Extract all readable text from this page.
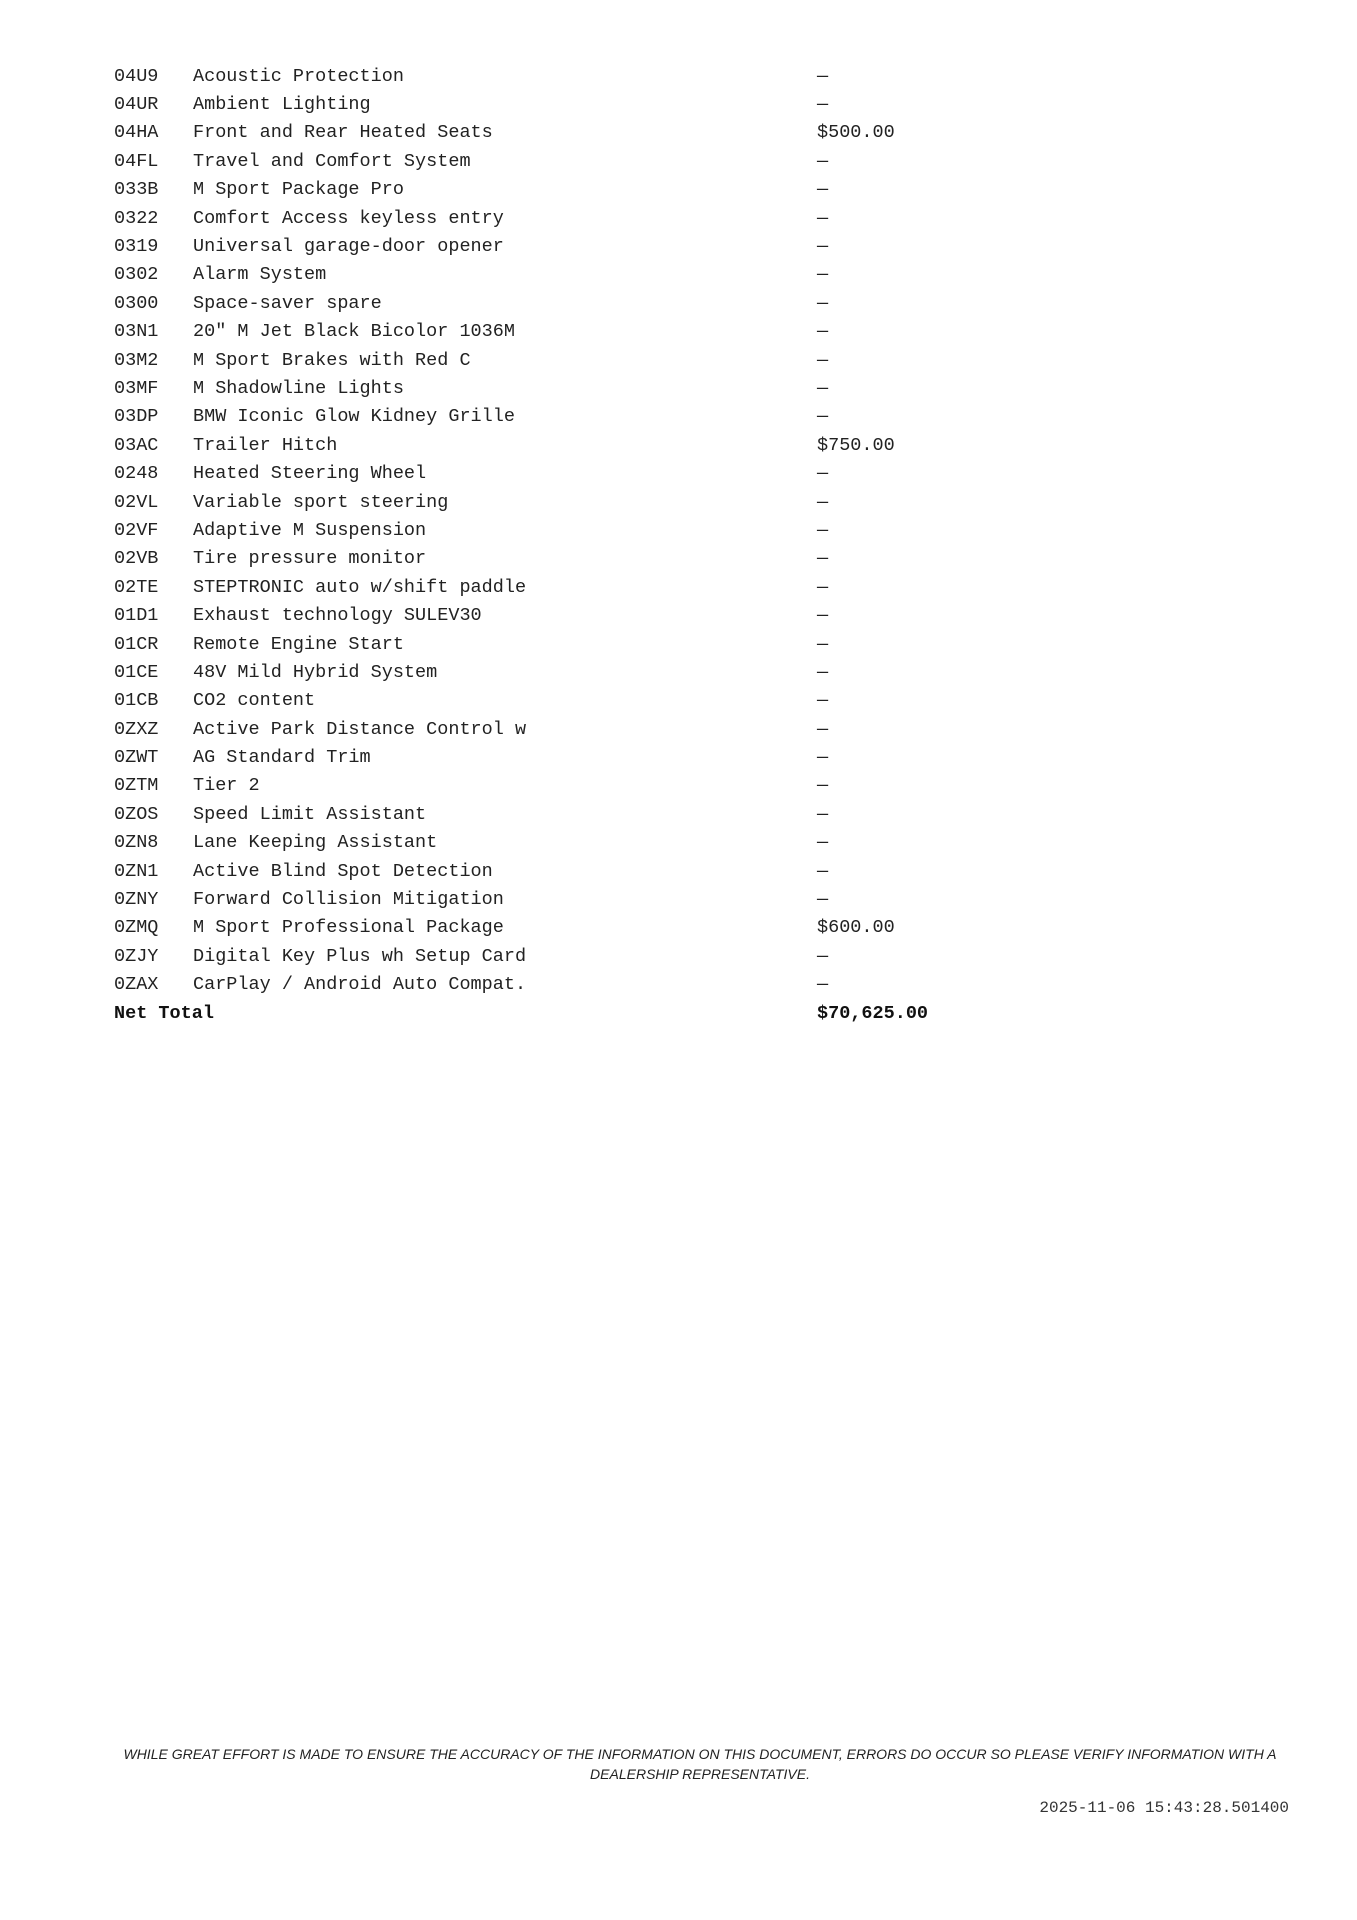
04U9	Acoustic Protection	—
04UR	Ambient Lighting	—
04HA	Front and Rear Heated Seats	$500.00
04FL	Travel and Comfort System	—
033B	M Sport Package Pro	—
0322	Comfort Access keyless entry	—
0319	Universal garage-door opener	—
0302	Alarm System	—
0300	Space-saver spare	—
03N1	20" M Jet Black Bicolor 1036M	—
03M2	M Sport Brakes with Red C	—
03MF	M Shadowline Lights	—
03DP	BMW Iconic Glow Kidney Grille	—
03AC	Trailer Hitch	$750.00
0248	Heated Steering Wheel	—
02VL	Variable sport steering	—
02VF	Adaptive M Suspension	—
02VB	Tire pressure monitor	—
02TE	STEPTRONIC auto w/shift paddle	—
01D1	Exhaust technology SULEV30	—
01CR	Remote Engine Start	—
01CE	48V Mild Hybrid System	—
01CB	CO2 content	—
0ZXZ	Active Park Distance Control w	—
0ZWT	AG Standard Trim	—
0ZTM	Tier 2	—
0ZOS	Speed Limit Assistant	—
0ZN8	Lane Keeping Assistant	—
0ZN1	Active Blind Spot Detection	—
0ZNY	Forward Collision Mitigation	—
0ZMQ	M Sport Professional Package	$600.00
0ZJY	Digital Key Plus wh Setup Card	—
0ZAX	CarPlay / Android Auto Compat.	—
Net Total	$70,625.00
WHILE GREAT EFFORT IS MADE TO ENSURE THE ACCURACY OF THE INFORMATION ON THIS DOCUMENT, ERRORS DO OCCUR SO PLEASE VERIFY INFORMATION WITH A DEALERSHIP REPRESENTATIVE.
2025-11-06 15:43:28.501400
